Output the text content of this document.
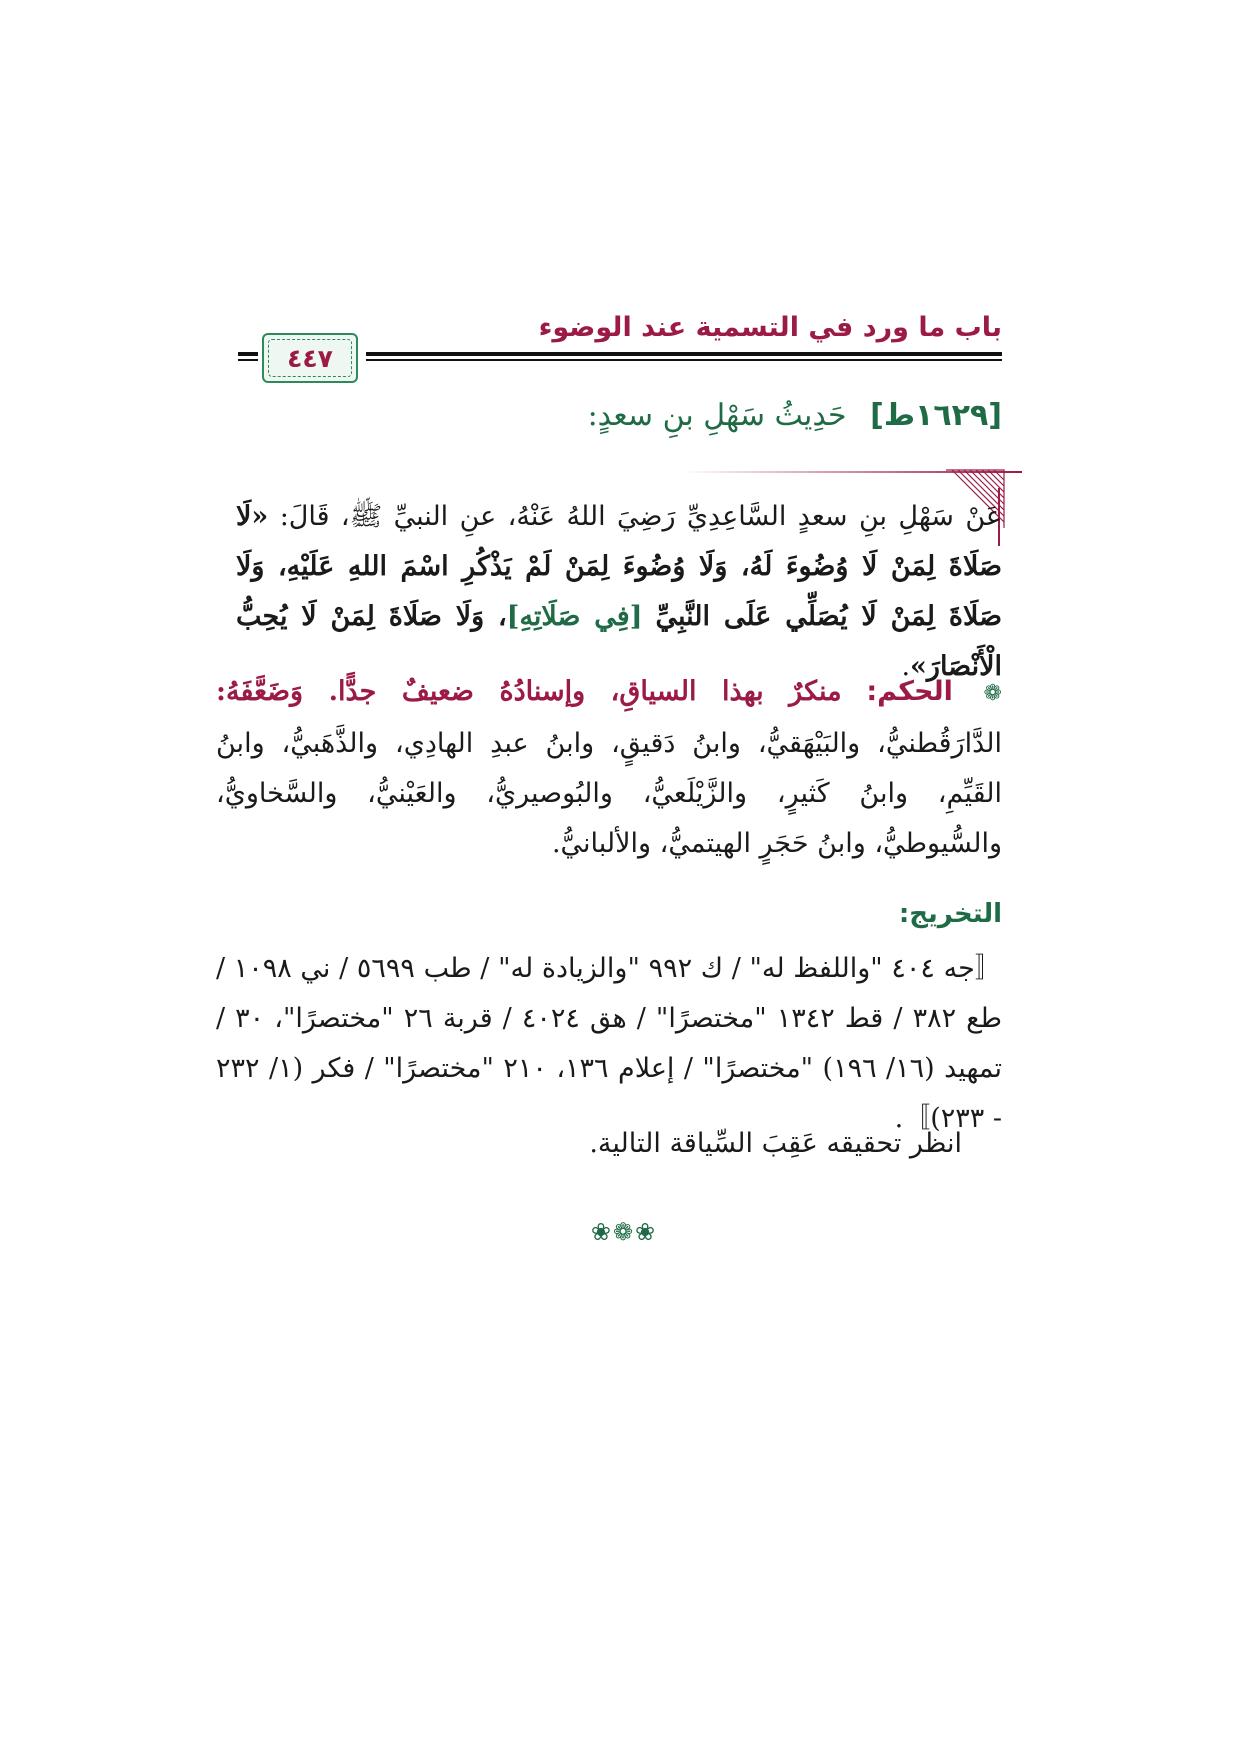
باب ما ورد في التسمية عند الوضوء
٤٤٧
[١٦٢٩ط] حَدِيثُ سَهْلِ بنِ سعدٍ:
عَنْ سَهْلِ بنِ سعدٍ السَّاعِدِيِّ رَضِيَ اللهُ عَنْهُ، عنِ النبيِّ ﷺ، قَالَ: «لَا صَلَاةَ لِمَنْ لَا وُضُوءَ لَهُ، وَلَا وُضُوءَ لِمَنْ لَمْ يَذْكُرِ اسْمَ اللهِ عَلَيْهِ، وَلَا صَلَاةَ لِمَنْ لَا يُصَلِّي عَلَى النَّبِيِّ [فِي صَلَاتِهِ]، وَلَا صَلَاةَ لِمَنْ لَا يُحِبُّ الْأَنْصَارَ».
❁ الحكم: منكرٌ بهذا السياقِ، وإسنادُهُ ضعيفٌ جدًّا. وَضَعَّفَهُ: الدَّارَقُطنيُّ، والبَيْهَقيُّ، وابنُ دَقيقٍ، وابنُ عبدِ الهادِي، والذَّهَبيُّ، وابنُ القَيِّمِ، وابنُ كَثيرٍ، والزَّيْلَعيُّ، والبُوصيريُّ، والعَيْنيُّ، والسَّخاويُّ، والسُّيوطيُّ، وابنُ حَجَرٍ الهيتميُّ، والألبانيُّ.
التخريج:
〚جه ٤٠٤ "واللفظ له" / ك ٩٩٢ "والزيادة له" / طب ٥٦٩٩ / ني ١٠٩٨ / طع ٣٨٢ / قط ١٣٤٢ "مختصرًا" / هق ٤٠٢٤ / قربة ٢٦ "مختصرًا"، ٣٠ / تمهيد (١٦/ ١٩٦) "مختصرًا" / إعلام ١٣٦، ٢١٠ "مختصرًا" / فكر (١/ ٢٣٢ - ٢٣٣)〛.
انظر تحقيقه عَقِبَ السِّياقة التالية.
❀❁❀
